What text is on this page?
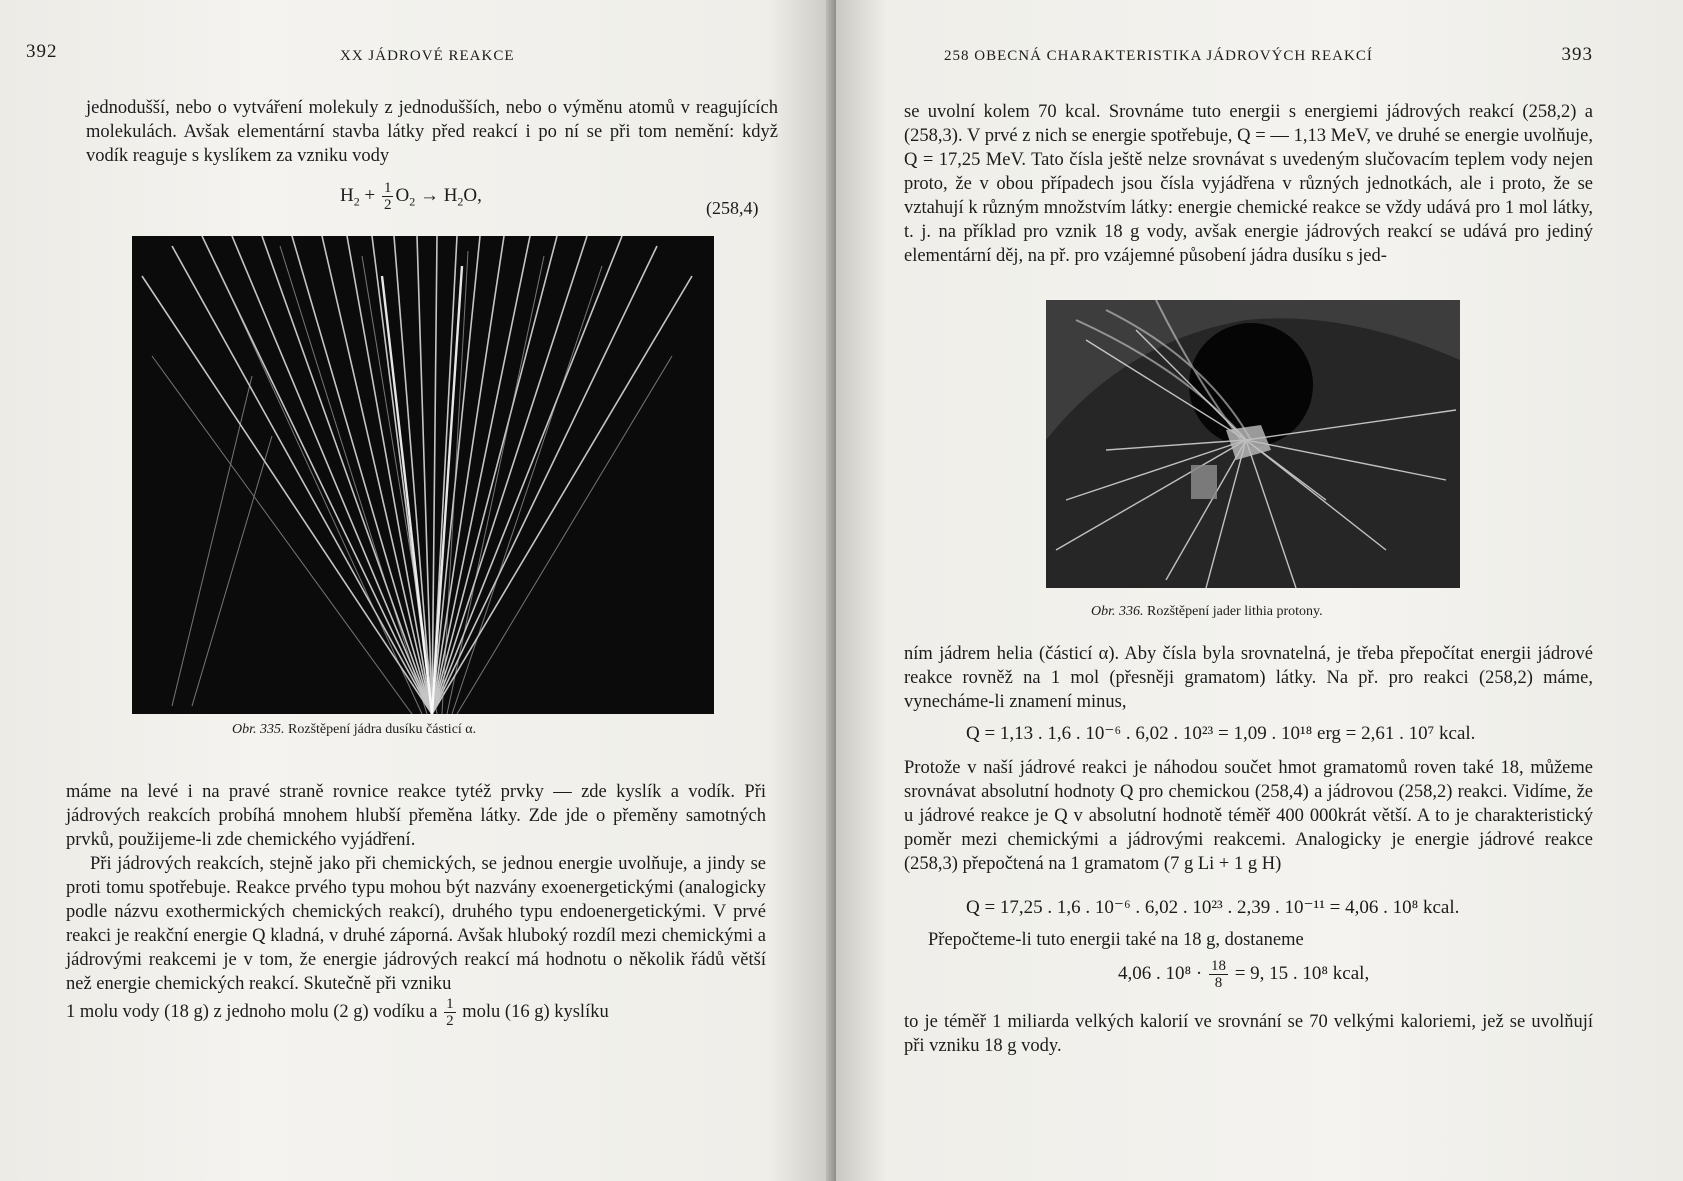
392	XX JÁDROVÉ REAKCE

jednodušší, nebo o vytváření molekuly z jednodušších, nebo o výměnu atomů v reagujících molekulách. Avšak elementární stavba látky před reakcí i po ní se při tom nemění: když vodík reaguje s kyslíkem za vzniku vody

$H_2 + \frac{1}{2} O_2 \to H_2O$,
(258,4)
Obr. 335. Rozštěpení jádra dusíku částicí α.

máme na levé i na pravé straně rovnice reakce tytéž prvky — zde kyslík a vodík. Při jádrových reakcích probíhá mnohem hlubší přeměna látky. Zde jde o přeměny samotných prvků, použijeme-li zde chemického vyjádření.

Při jádrových reakcích, stejně jako při chemických, se jednou energie uvolňuje, a jindy se proti tomu spotřebuje. Reakce prvého typu mohou být nazvány exoenergetickými (analogicky podle názvu exothermických chemických reakcí), druhého typu endoenergetickými. V prvé reakci je reakční energie Q kladná, v druhé záporná. Avšak hluboký rozdíl mezi chemickými a jádrovými reakcemi je v tom, že energie jádrových reakcí má hodnotu o několik řádů větší než energie chemických reakcí. Skutečně při vzniku

1 molu vody (18 g) z jednoho molu (2 g) vodíku a $\frac{1}{2}$ molu (16 g) kyslíku

258 OBECNÁ CHARAKTERISTIKA JÁDROVÝCH REAKCÍ	393

se uvolní kolem 70 kcal. Srovnáme tuto energii s energiemi jádrových reakcí (258,2) a (258,3). V prvé z nich se energie spotřebuje, Q = — 1,13 MeV, ve druhé se energie uvolňuje, Q = 17,25 MeV. Tato čísla ještě nelze srovnávat s uvedeným slučovacím teplem vody nejen proto, že v obou případech jsou čísla vyjádřena v různých jednotkách, ale i proto, že se vztahují k různým množstvím látky: energie chemické reakce se vždy udává pro 1 mol látky, t. j. na příklad pro vznik 18 g vody, avšak energie jádrových reakcí se udává pro jediný elementární děj, na př. pro vzájemné působení jádra dusíku s jed-

Obr. 336. Rozštěpení jader lithia protony.

ním jádrem helia (částicí α). Aby čísla byla srovnatelná, je třeba přepočítat energii jádrové reakce rovněž na 1 mol (přesněji gramatom) látky. Na př. pro reakci (258,2) máme, vynecháme-li znamení minus,

Q = 1,13 . 1,6 . 10⁻⁶ . 6,02 . 10²³ = 1,09 . 10¹⁸ erg = 2,61 . 10⁷ kcal.

Protože v naší jádrové reakci je náhodou součet hmot gramatomů roven také 18, můžeme srovnávat absolutní hodnoty Q pro chemickou (258,4) a jádrovou (258,2) reakci. Vidíme, že u jádrové reakce je Q v absolutní hodnotě téměř 400 000krát větší. A to je charakteristický poměr mezi chemickými a jádrovými reakcemi. Analogicky je energie jádrové reakce (258,3) přepočtená na 1 gramatom (7 g Li + 1 g H)

Q = 17,25 . 1,6 . 10⁻⁶ . 6,02 . 10²³ . 2,39 . 10⁻¹¹ = 4,06 . 10⁸ kcal.

Přepočteme-li tuto energii také na 18 g, dostaneme

4,06 . $10^8 \cdot \frac{18}{8} = 9$, 15 . 10⁸ kcal,

to je téměř 1 miliarda velkých kalorií ve srovnání se 70 velkými kaloriemi, jež se uvolňují při vzniku 18 g vody.
